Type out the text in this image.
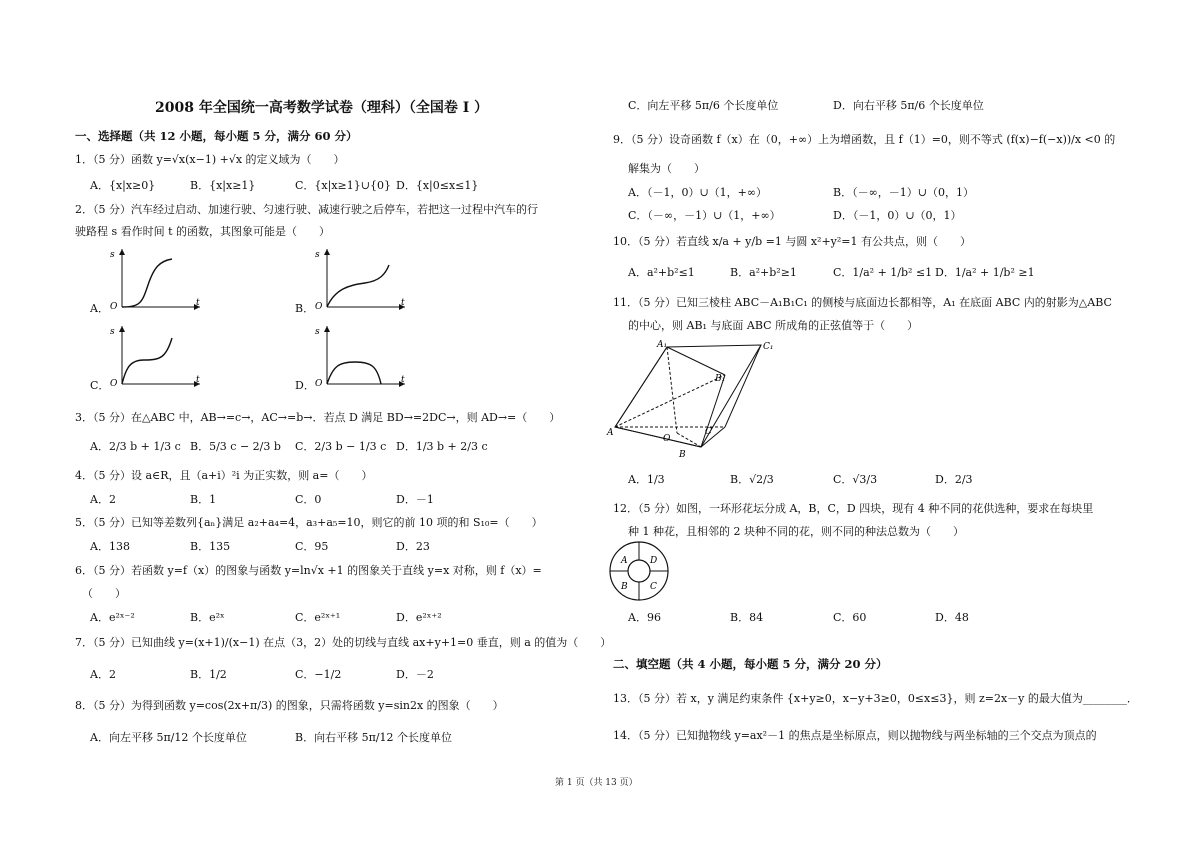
2008 年全国统一高考数学试卷（理科）（全国卷 I ）
一、选择题（共 12 小题，每小题 5 分，满分 60 分）
1．（5 分）函数 y=√x(x−1) +√x 的定义域为（　　）
A．{x|x≥0}	B．{x|x≥1}	C．{x|x≥1}∪{0} D．{x|0≤x≤1}
2．（5 分）汽车经过启动、加速行驶、匀速行驶、减速行驶之后停车，若把这一过程中汽车的行
驶路程 s 看作时间 t 的函数，其图象可能是（　　）
A．	B．
C．	D．
s
O	t
s
O	t
s
O	t
s
O	t
3．（5 分）在△ABC 中，AB→=c→，AC→=b→．若点 D 满足 BD→=2DC→，则 AD→=（　　）
A．2/3 b + 1/3 c B．5/3 c − 2/3 b C．2/3 b − 1/3 c D．1/3 b + 2/3 c
4．（5 分）设 a∈R，且（a+i）²i 为正实数，则 a=（　　）
A．2	B．1	C．0	D．－1
5．（5 分）已知等差数列{aₙ}满足 a₂+a₄=4，a₃+a₅=10，则它的前 10 项的和 S₁₀=（　　）
A．138	B．135	C．95	D．23
6．（5 分）若函数 y=f（x）的图象与函数 y=ln√x +1 的图象关于直线 y=x 对称，则 f（x）=
（　　）
A．e²ˣ⁻²	B．e²ˣ	C．e²ˣ⁺¹	D．e²ˣ⁺²
7．（5 分）已知曲线 y=(x+1)/(x−1) 在点（3，2）处的切线与直线 ax+y+1=0 垂直，则 a 的值为（　　）
A．2	B．1/2	C．−1/2	D．－2
8．（5 分）为得到函数 y=cos(2x+π/3) 的图象，只需将函数 y=sin2x 的图象（　　）
A．向左平移 5π/12 个长度单位	B．向右平移 5π/12 个长度单位
C．向左平移 5π/6 个长度单位	D．向右平移 5π/6 个长度单位
9．（5 分）设奇函数 f（x）在（0，+∞）上为增函数，且 f（1）=0，则不等式 (f(x)−f(−x))/x <0 的
解集为（　　）
A．（－1，0）∪（1，+∞）	B．（－∞，－1）∪（0，1）
C．（－∞，－1）∪（1，+∞）	D．（－1，0）∪（0，1）
10．（5 分）若直线 x/a + y/b =1 与圆 x²+y²=1 有公共点，则（　　）
A．a²+b²≤1	B．a²+b²≥1	C．1/a² + 1/b² ≤1 D．1/a² + 1/b² ≥1
11．（5 分）已知三棱柱 ABC－A₁B₁C₁ 的侧棱与底面边长都相等，A₁ 在底面 ABC 内的射影为△ABC
的中心，则 AB₁ 与底面 ABC 所成角的正弦值等于（　　）
A₁	C₁
B₁
A
O
C
B
A．1/3	B．√2/3	C．√3/3	D．2/3
12．（5 分）如图，一环形花坛分成 A，B，C，D 四块，现有 4 种不同的花供选种，要求在每块里
种 1 种花，且相邻的 2 块种不同的花，则不同的种法总数为（　　）
A	D
B C
A．96	B．84	C．60	D．48
二、填空题（共 4 小题，每小题 5 分，满分 20 分）
13．（5 分）若 x，y 满足约束条件 {x+y≥0，x−y+3≥0，0≤x≤3}，则 z=2x－y 的最大值为________．
14．（5 分）已知抛物线 y=ax²－1 的焦点是坐标原点，则以抛物线与两坐标轴的三个交点为顶点的
第 1 页（共 13 页）
